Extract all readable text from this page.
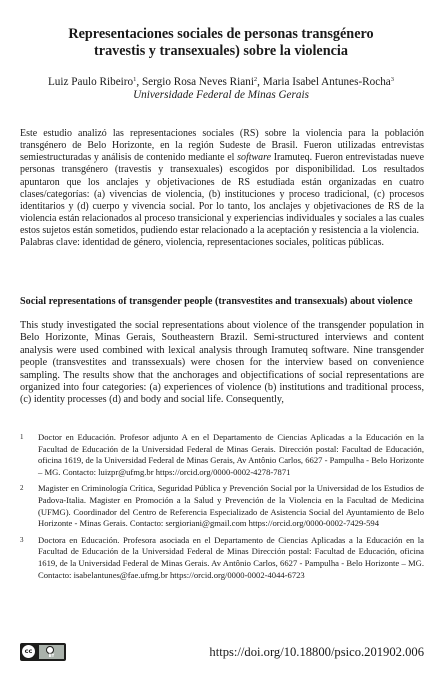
Representaciones sociales de personas transgénero
travestis y transexuales) sobre la violencia
Luiz Paulo Ribeiro$^1$, Sergio Rosa Neves Riani$^2$, Maria Isabel Antunes-Rocha$^3$
Universidade Federal de Minas Gerais

Este estudio analizó las representaciones sociales (RS) sobre la violencia para la población transgénero de Belo Horizonte, en la región Sudeste de Brasil. Fueron utilizadas entrevistas semiestructuradas y análisis de contenido mediante el software Iramuteq. Fueron entrevistadas nueve personas transgénero (travestis y transexuales) escogidos por disponibilidad. Los resultados apuntaron que los anclajes y objetivaciones de RS estudiada están organizadas en cuatro clases/categorías: (a) vivencias de violencia, (b) instituciones y proceso tradicional, (c) procesos identitarios y (d) cuerpo y vivencia social. Por lo tanto, los anclajes y objetivaciones de RS de la violencia están relacionados al proceso transicional y experiencias individuales y sociales a las cuales estos sujetos están sometidos, pudiendo estar relacionado a la aceptación y resistencia a la violencia.

Palabras clave: identidad de género, violencia, representaciones sociales, políticas públicas.

Social representations of transgender people (transvestites and transexuals) about violence
This study investigated the social representations about violence of the transgender population in Belo Horizonte, Minas Gerais, Southeastern Brazil. Semi-structured interviews and content analysis were used combined with lexical analysis through Iramuteq software. Nine transgender people (transvestites and transsexuals) were chosen for the interview based on convenience sampling. The results show that the anchorages and objectifications of social representations are organized into four categories: (a) experiences of violence (b) institutions and traditional process, (c) identity processes (d) and body and social life. Consequently,
1 Doctor en Educación. Profesor adjunto A en el Departamento de Ciencias Aplicadas a la Educación en la Facultad de Educación de la Universidad Federal de Minas Gerais. Dirección postal: Facultad de Educación, oficina 1619, de la Universidad Federal de Minas Gerais, Av Antônio Carlos, 6627 - Pampulha - Belo Horizonte – MG. Contacto: luizpr@ufmg.br https://orcid.org/0000-0002-4278-7871
2 Magister en Criminología Crítica, Seguridad Pública y Prevención Social por la Universidad de los Estudios de Padova-Italia. Magister en Promoción a la Salud y Prevención de la Violencia en la Facultad de Medicina (UFMG). Coordinador del Centro de Referencia Especializado de Asistencia Social del Ayuntamiento de Belo Horizonte - Minas Gerais. Contacto: sergioriani@gmail.com https://orcid.org/0000-0002-7429-594
3 Doctora en Educación. Profesora asociada en el Departamento de Ciencias Aplicadas a la Educación en la Facultad de Educación de la Universidad Federal de Minas Dirección postal: Facultad de Educación, oficina 1619, de la Universidad Federal de Minas Gerais. Av Antônio Carlos, 6627 - Pampulha - Belo Horizonte – MG. Contacto: isabelantunes@fae.ufmg.br https://orcid.org/0000-0002-4044-6723
cc
BY	https://doi.org/10.18800/psico.201902.006
